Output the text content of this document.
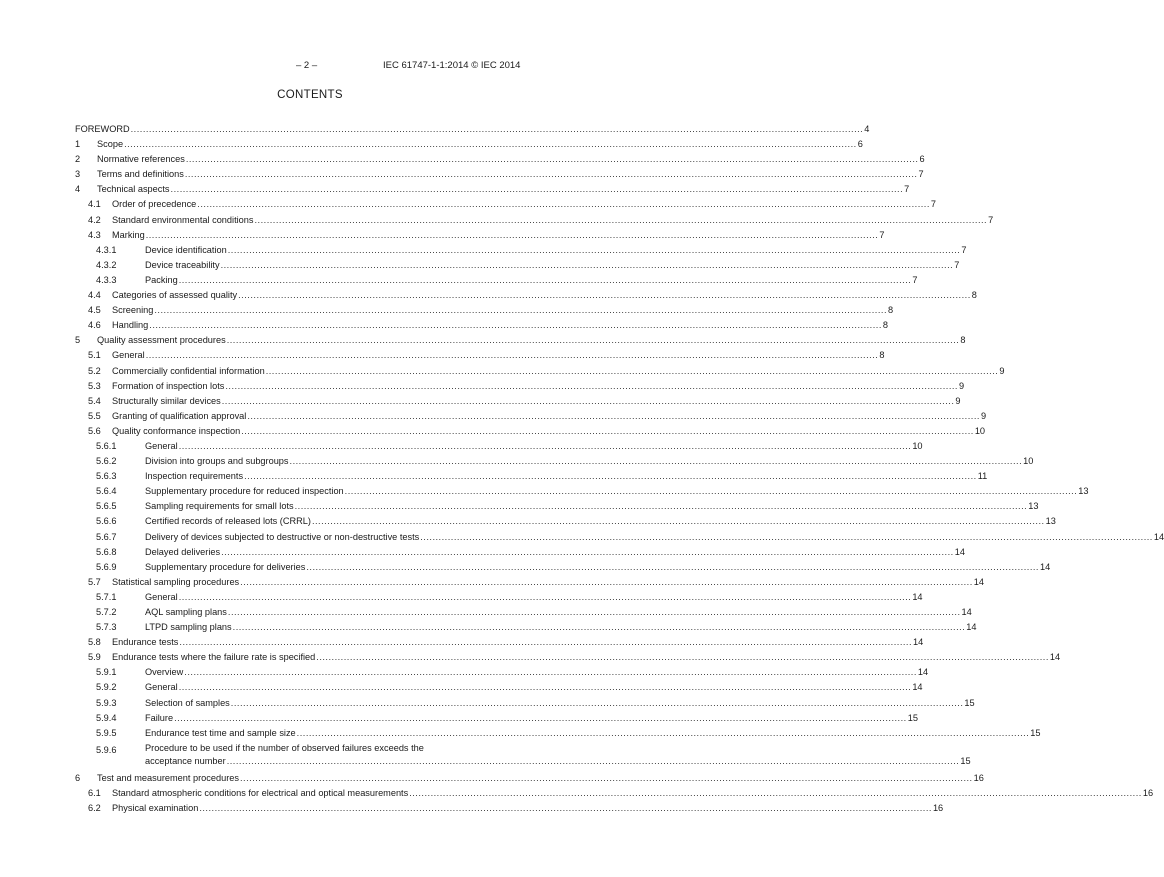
– 2 –	IEC 61747-1-1:2014 © IEC 2014
CONTENTS
FOREWORD .....	4
1	Scope .....	6
2	Normative references .....	6
3	Terms and definitions .....	7
4	Technical aspects .....	7
4.1	Order of precedence .....	7
4.2	Standard environmental conditions .....	7
4.3	Marking .....	7
4.3.1	Device identification .....	7
4.3.2	Device traceability .....	7
4.3.3	Packing .....	7
4.4	Categories of assessed quality .....	8
4.5	Screening .....	8
4.6	Handling .....	8
5	Quality assessment procedures .....	8
5.1	General .....	8
5.2	Commercially confidential information .....	9
5.3	Formation of inspection lots .....	9
5.4	Structurally similar devices .....	9
5.5	Granting of qualification approval .....	9
5.6	Quality conformance inspection .....	10
5.6.1	General .....	10
5.6.2	Division into groups and subgroups .....	10
5.6.3	Inspection requirements .....	11
5.6.4	Supplementary procedure for reduced inspection .....	13
5.6.5	Sampling requirements for small lots .....	13
5.6.6	Certified records of released lots (CRRL) .....	13
5.6.7	Delivery of devices subjected to destructive or non-destructive tests .....	14
5.6.8	Delayed deliveries .....	14
5.6.9	Supplementary procedure for deliveries .....	14
5.7	Statistical sampling procedures .....	14
5.7.1	General .....	14
5.7.2	AQL sampling plans .....	14
5.7.3	LTPD sampling plans .....	14
5.8	Endurance tests .....	14
5.9	Endurance tests where the failure rate is specified .....	14
5.9.1	Overview .....	14
5.9.2	General .....	14
5.9.3	Selection of samples .....	15
5.9.4	Failure .....	15
5.9.5	Endurance test time and sample size .....	15
5.9.6	Procedure to be used if the number of observed failures exceeds the
acceptance number .....	15
6	Test and measurement procedures .....	16
6.1	Standard atmospheric conditions for electrical and optical measurements .....	16
6.2	Physical examination .....	16
